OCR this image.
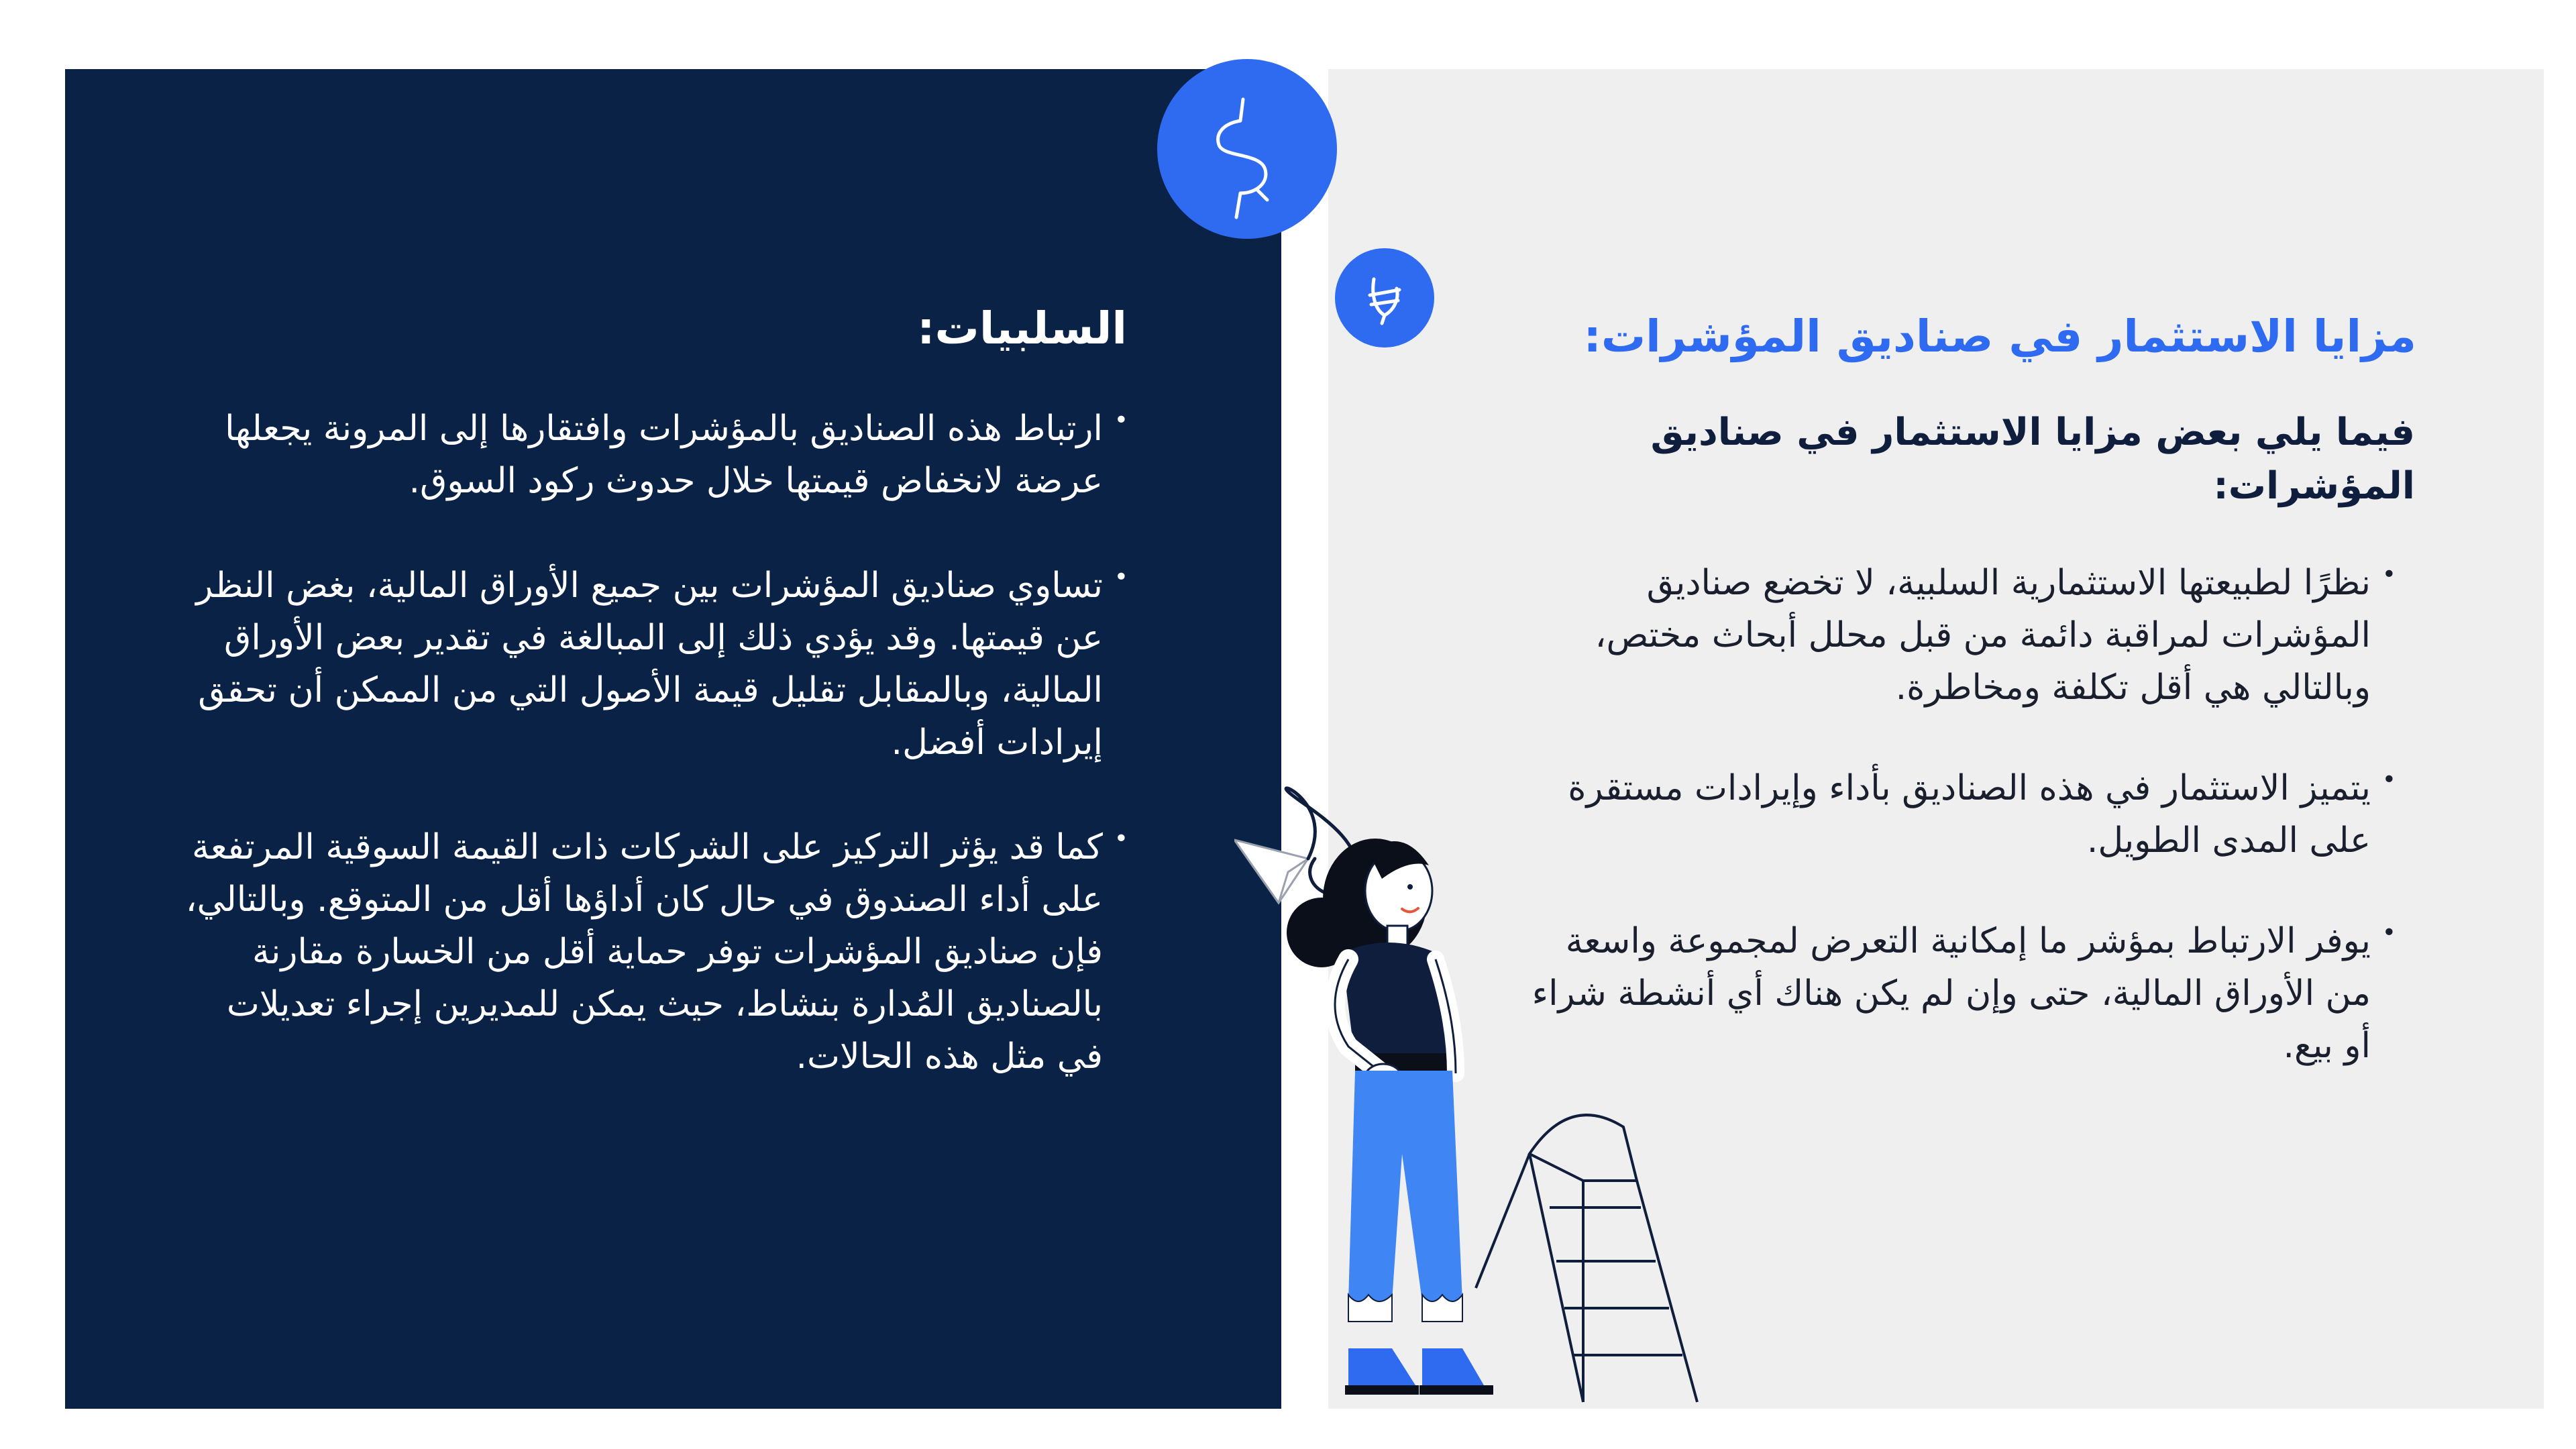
السلبيات:
• ارتباط هذه الصناديق بالمؤشرات وافتقارها إلى المرونة يجعلها عرضة لانخفاض قيمتها خلال حدوث ركود السوق.
• تساوي صناديق المؤشرات بين جميع الأوراق المالية، بغض النظر عن قيمتها. وقد يؤدي ذلك إلى المبالغة في تقدير بعض الأوراق المالية، وبالمقابل تقليل قيمة الأصول التي من الممكن أن تحقق إيرادات أفضل.
• كما قد يؤثر التركيز على الشركات ذات القيمة السوقية المرتفعة على أداء الصندوق في حال كان أداؤها أقل من المتوقع. وبالتالي، فإن صناديق المؤشرات توفر حماية أقل من الخسارة مقارنة بالصناديق المُدارة بنشاط، حيث يمكن للمديرين إجراء تعديلات في مثل هذه الحالات.
مزايا الاستثمار في صناديق المؤشرات:

فيما يلي بعض مزايا الاستثمار في صناديق المؤشرات:

• نظرًا لطبيعتها الاستثمارية السلبية، لا تخضع صناديق المؤشرات لمراقبة دائمة من قبل محلل أبحاث مختص، وبالتالي هي أقل تكلفة ومخاطرة.
• يتميز الاستثمار في هذه الصناديق بأداء وإيرادات مستقرة على المدى الطويل.
• يوفر الارتباط بمؤشر ما إمكانية التعرض لمجموعة واسعة من الأوراق المالية، حتى وإن لم يكن هناك أي أنشطة شراء أو بيع.
